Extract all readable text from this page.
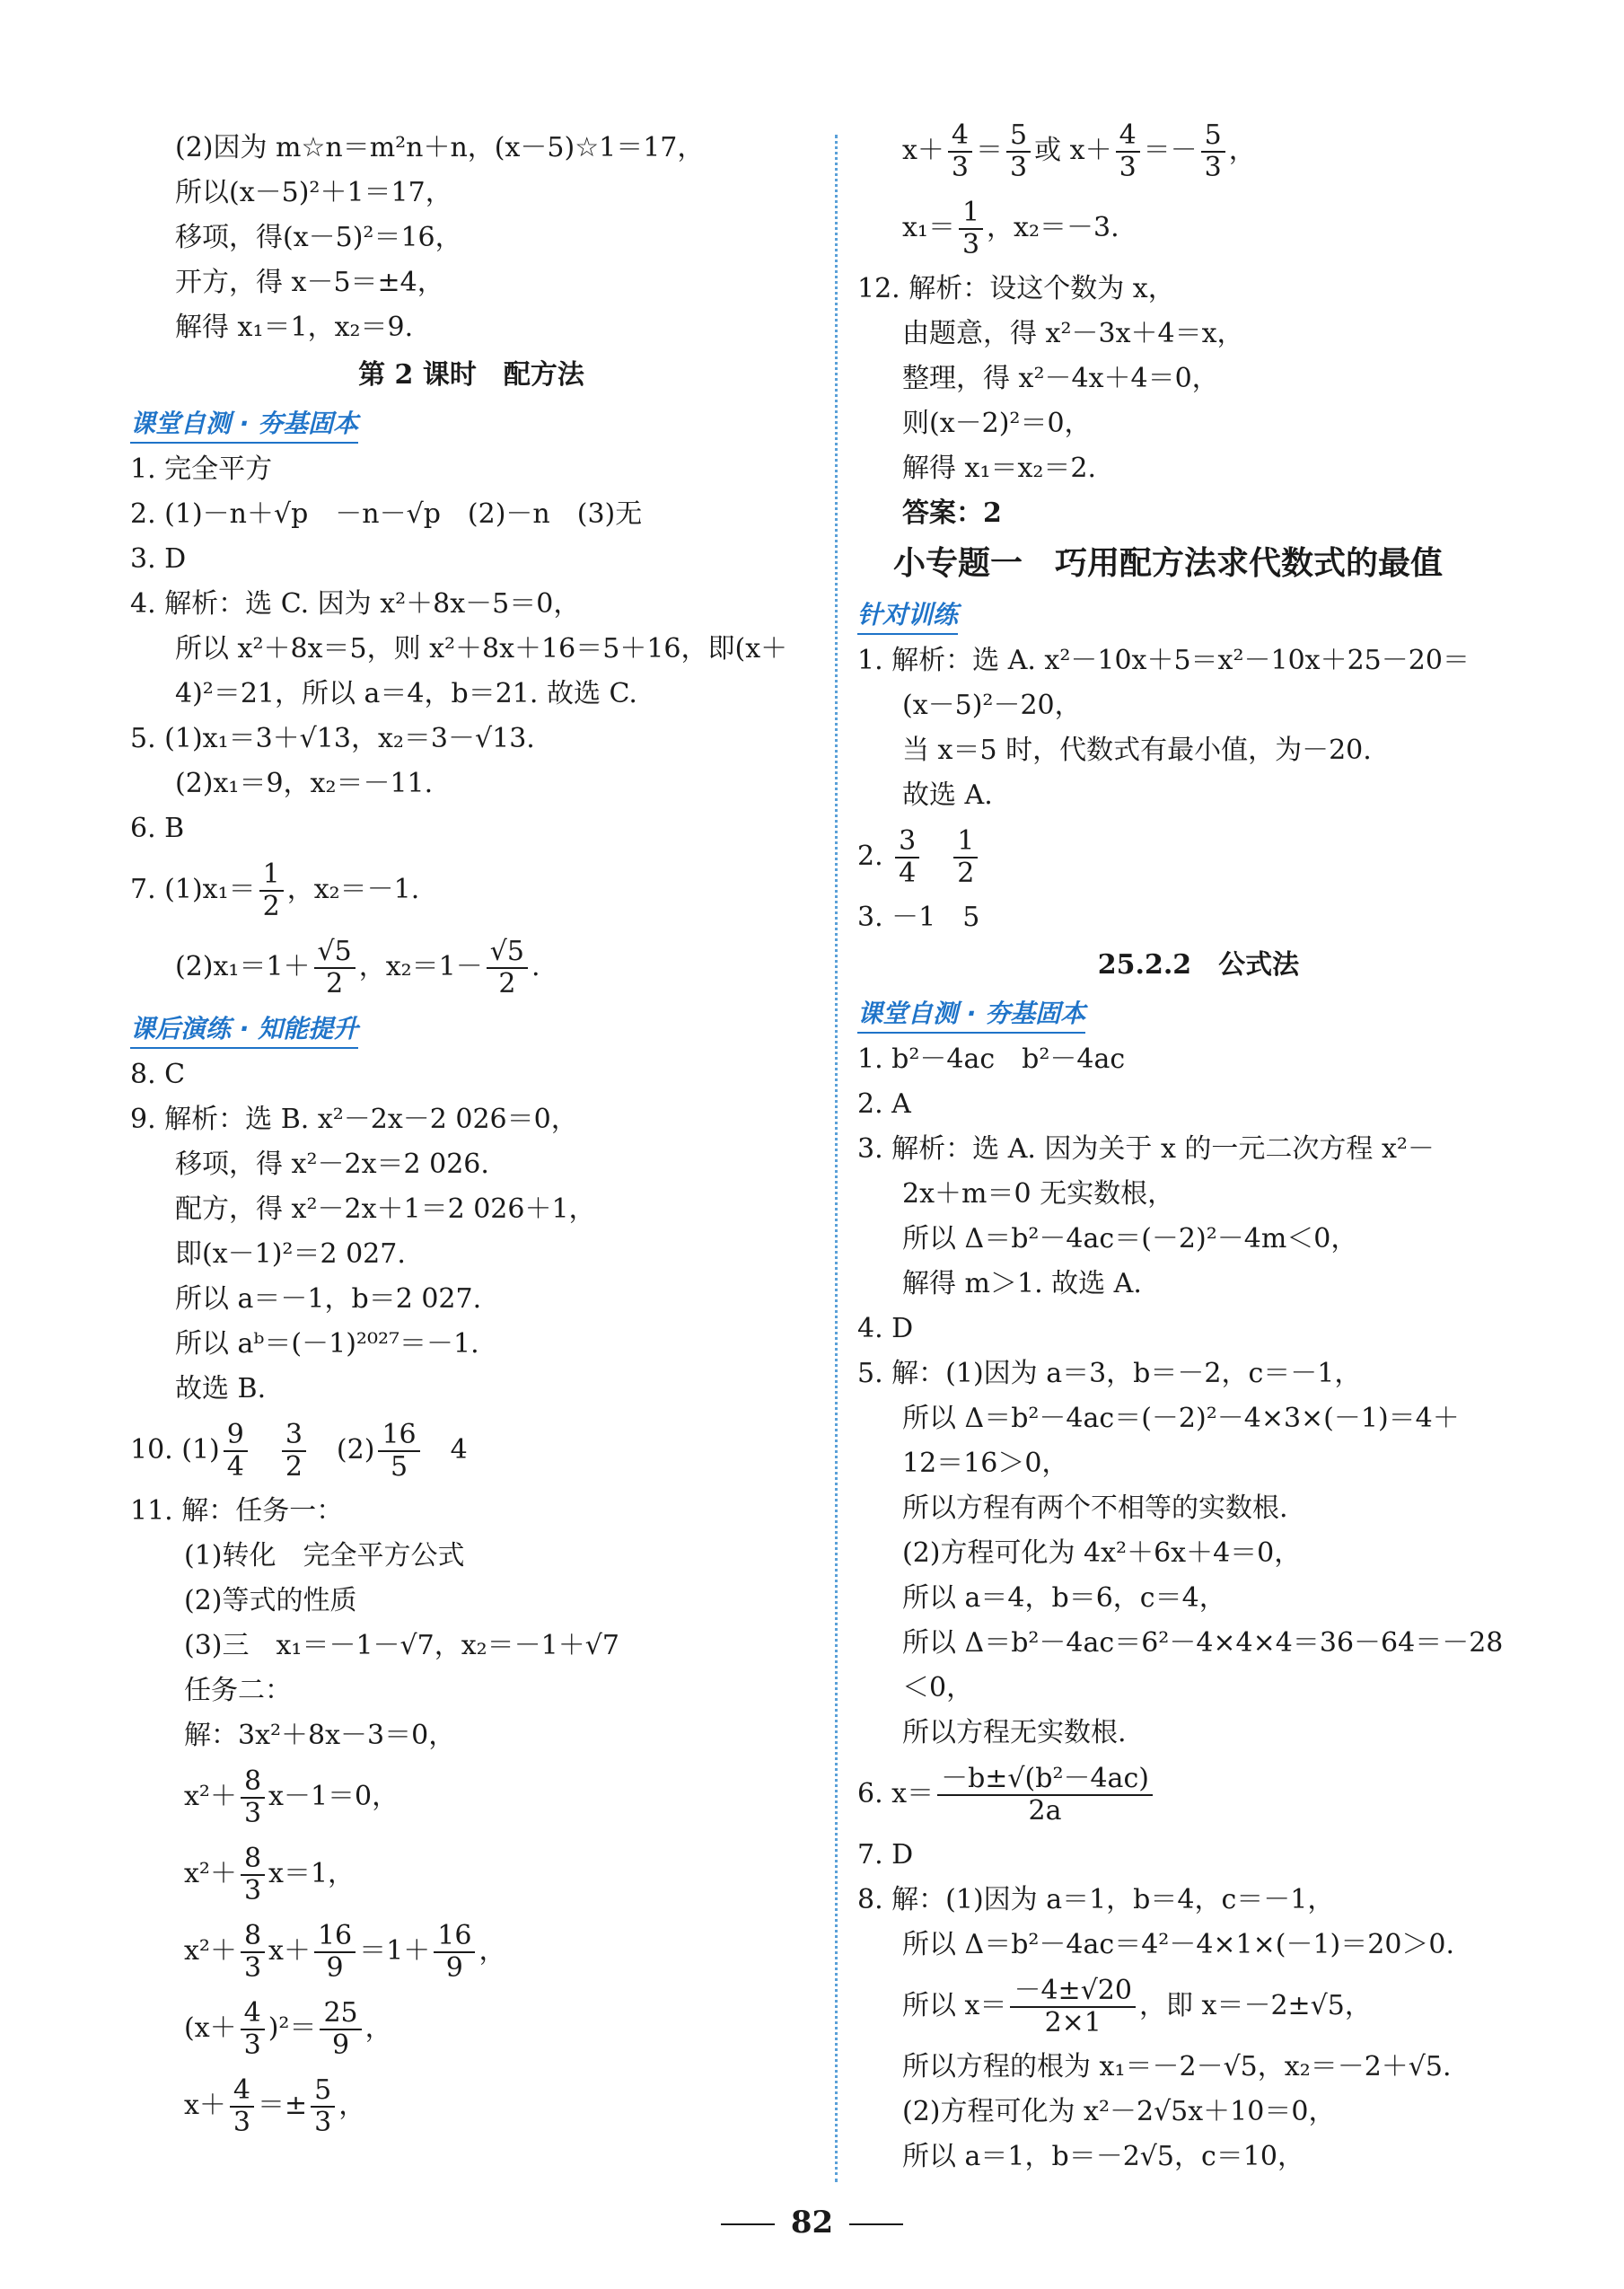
(2)因为 m☆n＝m²n＋n，(x－5)☆1＝17，
所以(x－5)²＋1＝17，
移项，得(x－5)²＝16，
开方，得 x－5＝±4，
解得 x₁＝1，x₂＝9.
第 2 课时　配方法
课堂自测 · 夯基固本
1. 完全平方
2. (1)－n＋√p　－n－√p　(2)－n　(3)无
3. D
4. 解析：选 C. 因为 x²＋8x－5＝0，
所以 x²＋8x＝5，则 x²＋8x＋16＝5＋16，即(x＋
4)²＝21，所以 a＝4，b＝21. 故选 C.
5. (1)x₁＝3＋√13，x₂＝3－√13.
(2)x₁＝9，x₂＝－11.
6. B
7. $(1)x_1= \frac{1}{2}$ ，x₂＝－1.
$(2)x_1=1+ \frac{√5}{2}$ ，$x_2=1- \frac{√5}{2}$ .
课后演练 · 知能提升
8. C
9. 解析：选 B. x²－2x－2 026＝0，
移项，得 x²－2x＝2 026.
配方，得 x²－2x＋1＝2 026＋1，
即(x－1)²＝2 027.
所以 a＝－1，b＝2 027.
所以 aᵇ＝(－1)²⁰²⁷＝－1.
故选 B.
10. $(1) \frac{9}{4}$
　 $\frac{3}{2}$ 　$(2) \frac{16}{5}$ 　4
11. 解：任务一：
(1)转化　完全平方公式
(2)等式的性质
(3)三　x₁＝－1－√7，x₂＝－1＋√7
任务二：
解：3x²＋8x－3＝0，
$x^2+ \frac{8}{3} x-1=0$，
$x^2+ \frac{8}{3} x=1$，
$x^2+ \frac{8}{3} x+ \frac{16}{9} =1+ \frac{16}{9}$ ，
$(x+ \frac{4}{3} )^2= \frac{25}{9}$ ，
$x+ \frac{4}{3} =\pm \frac{5}{3}$ ，
$x+ \frac{4}{3} = \frac{5}{3}$ 或 $x+ \frac{4}{3} =- \frac{5}{3}$ ，
$x_1= \frac{1}{3}$ ，x₂＝－3.
12. 解析：设这个数为 x，
由题意，得 x²－3x＋4＝x，
整理，得 x²－4x＋4＝0，
则(x－2)²＝0，
解得 x₁＝x₂＝2.
答案：2
小专题一　巧用配方法求代数式的最值
针对训练
1. 解析：选 A. x²－10x＋5＝x²－10x＋25－20＝
(x－5)²－20，
当 x＝5 时，代数式有最小值，为－20.
故选 A.
2. $\frac{3}{4}$
　 $\frac{1}{2}$
3. －1　5
25.2.2　公式法
课堂自测 · 夯基固本
1. b²－4ac　b²－4ac
2. A
3. 解析：选 A. 因为关于 x 的一元二次方程 x²－
2x＋m＝0 无实数根，
所以 Δ＝b²－4ac＝(－2)²－4m＜0，
解得 m＞1. 故选 A.
4. D
5. 解：(1)因为 a＝3，b＝－2，c＝－1，
所以 Δ＝b²－4ac＝(－2)²－4×3×(－1)＝4＋
12＝16＞0，
所以方程有两个不相等的实数根.
(2)方程可化为 4x²＋6x＋4＝0，
所以 a＝4，b＝6，c＝4，
所以 Δ＝b²－4ac＝6²－4×4×4＝36－64＝－28
＜0，
所以方程无实数根.
6. $x= \frac{\text{－b±√(b²－4ac)}}{2a}$
7. D
8. 解：(1)因为 a＝1，b＝4，c＝－1，
所以 Δ＝b²－4ac＝4²－4×1×(－1)＝20＞0.
所以 $x= \frac{-4\pm√20}{2\times 1}$ ，即 x＝－2±√5，
所以方程的根为 x₁＝－2－√5，x₂＝－2＋√5.
(2)方程可化为 x²－2√5x＋10＝0，
所以 a＝1，b＝－2√5，c＝10，
82
